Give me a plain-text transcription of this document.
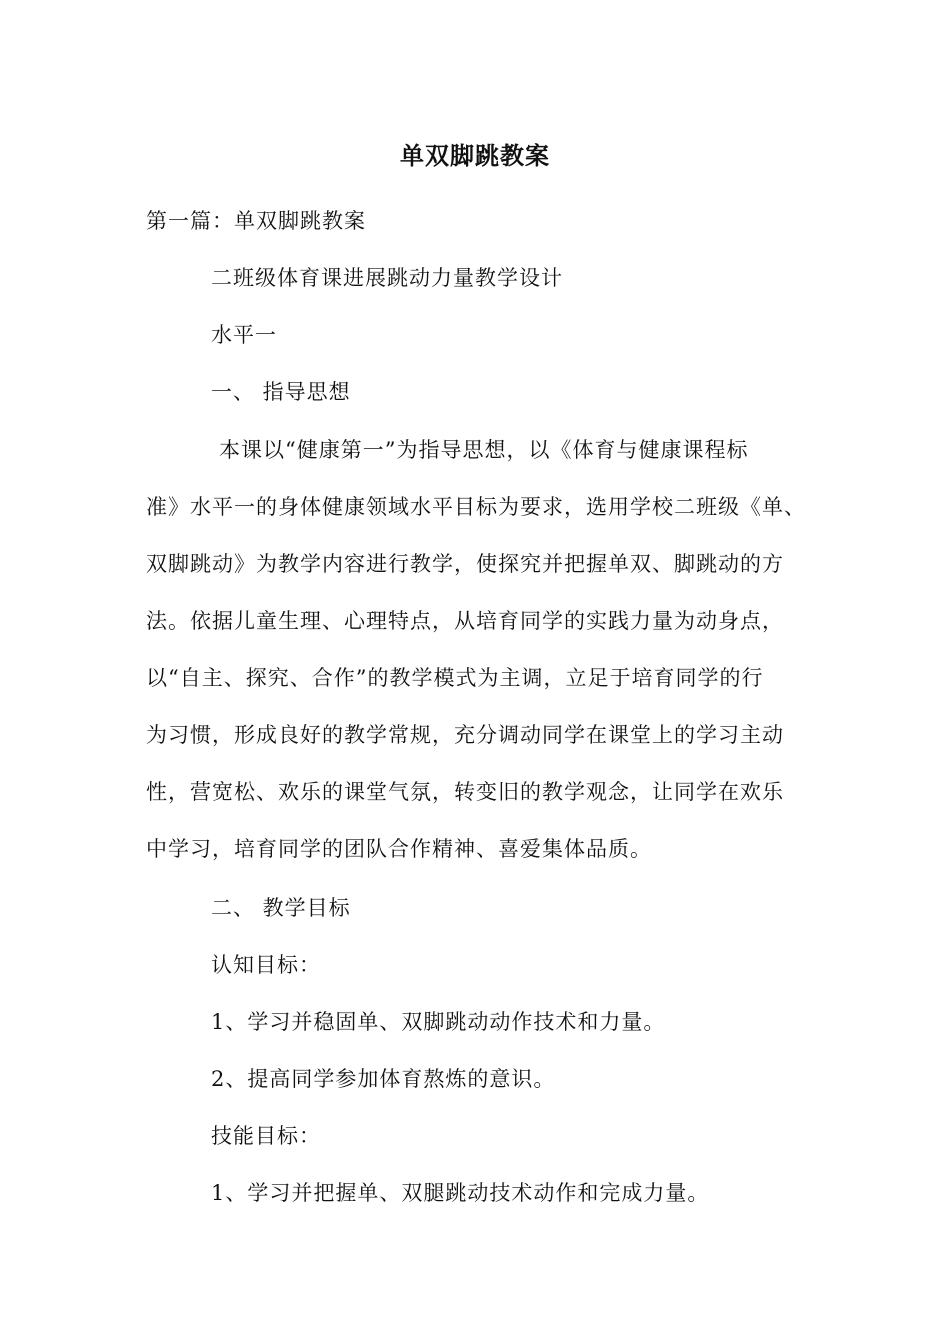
单双脚跳教案
第一篇：单双脚跳教案
二班级体育课进展跳动力量教学设计
水平一
一、 指导思想
本课以“健康第一”为指导思想，以《体育与健康课程标
准》水平一的身体健康领域水平目标为要求，选用学校二班级《单、
双脚跳动》为教学内容进行教学，使探究并把握单双、脚跳动的方
法。依据儿童生理、心理特点，从培育同学的实践力量为动身点，
以“自主、探究、合作”的教学模式为主调，立足于培育同学的行
为习惯，形成良好的教学常规，充分调动同学在课堂上的学习主动
性，营宽松、欢乐的课堂气氛，转变旧的教学观念，让同学在欢乐
中学习，培育同学的团队合作精神、喜爱集体品质。
二、 教学目标
认知目标：
1、学习并稳固单、双脚跳动动作技术和力量。
2、提高同学参加体育熬炼的意识。
技能目标：
1、学习并把握单、双腿跳动技术动作和完成力量。
